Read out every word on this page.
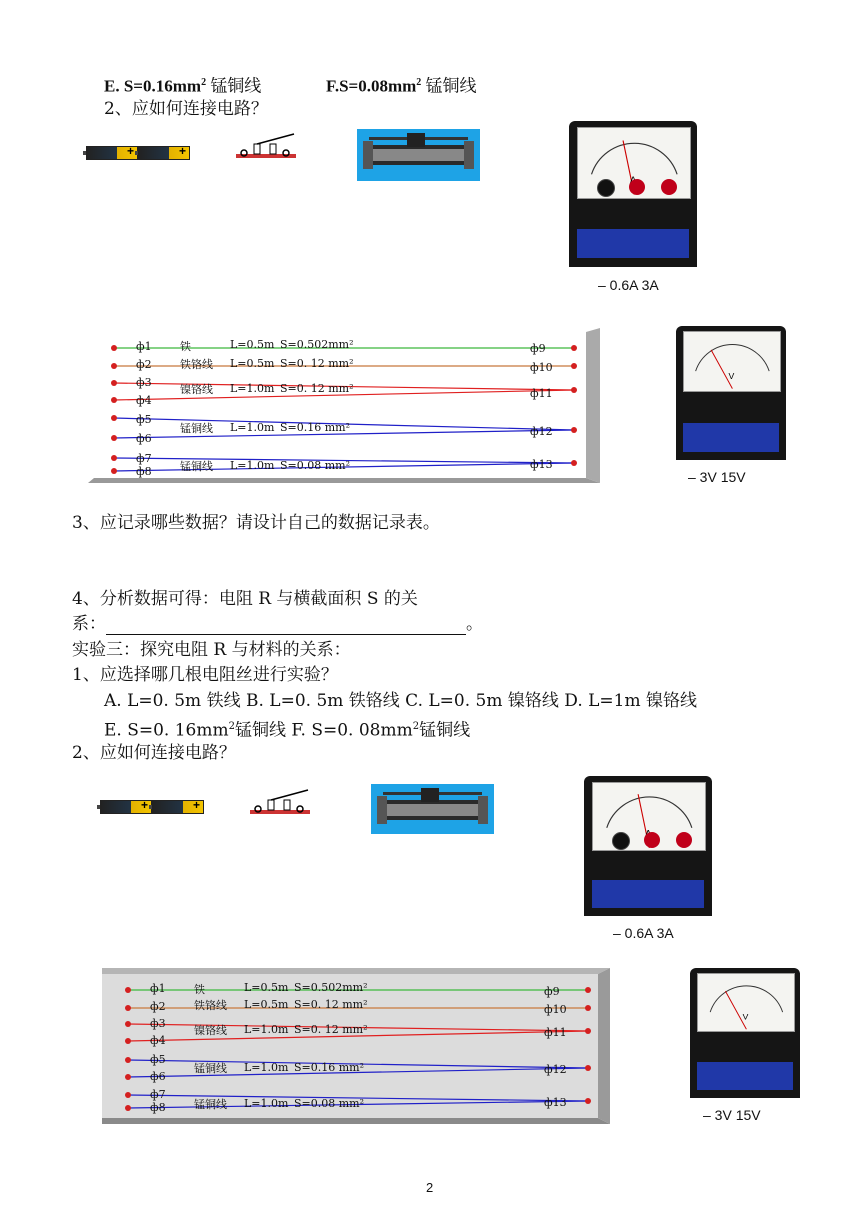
E. $S=0.16mm^2$ 锰铜线	$F.S=0.08mm^2$ 锰铜线
2、应如何连接电路？
+	+
– 0.6A 3A
ф1
ф2
ф3
ф4
ф5
ф6
ф7
ф8
铁	L=0.5m S=0.502mm²
铁铬线 L=0.5m S=0. 12 mm²
镍铬线 L=1.0m S=0. 12 mm²
锰铜线 L=1.0m S=0.16 mm²
锰铜线 L=1.0m S=0.08 mm²
ф9
ф10
ф11
ф12
ф13
V
– 3V 15V
3、应记录哪些数据？请设计自己的数据记录表。
4、分析数据可得：电阻 R 与横截面积 S 的关
系：	。
实验三：探究电阻 R 与材料的关系：
1、应选择哪几根电阻丝进行实验？
A. L=0. 5m 铁线 B. L=0. 5m 铁铬线 C. L=0. 5m 镍铬线 D. L=1m 镍铬线
E. S=0. $16mm^2$锰铜线 F. S=0. $08mm^2$锰铜线
2、应如何连接电路？
+	+
– 0.6A 3A
ф1
ф2
ф3
ф4
ф5
ф6
ф7
ф8
铁	L=0.5m S=0.502mm²
铁铬线 L=0.5m S=0. 12 mm²
镍铬线 L=1.0m S=0. 12 mm²
锰铜线 L=1.0m S=0.16 mm²
锰铜线 L=1.0m S=0.08 mm²
ф9
ф10
ф11
ф12
ф13
V
– 3V 15V
2
